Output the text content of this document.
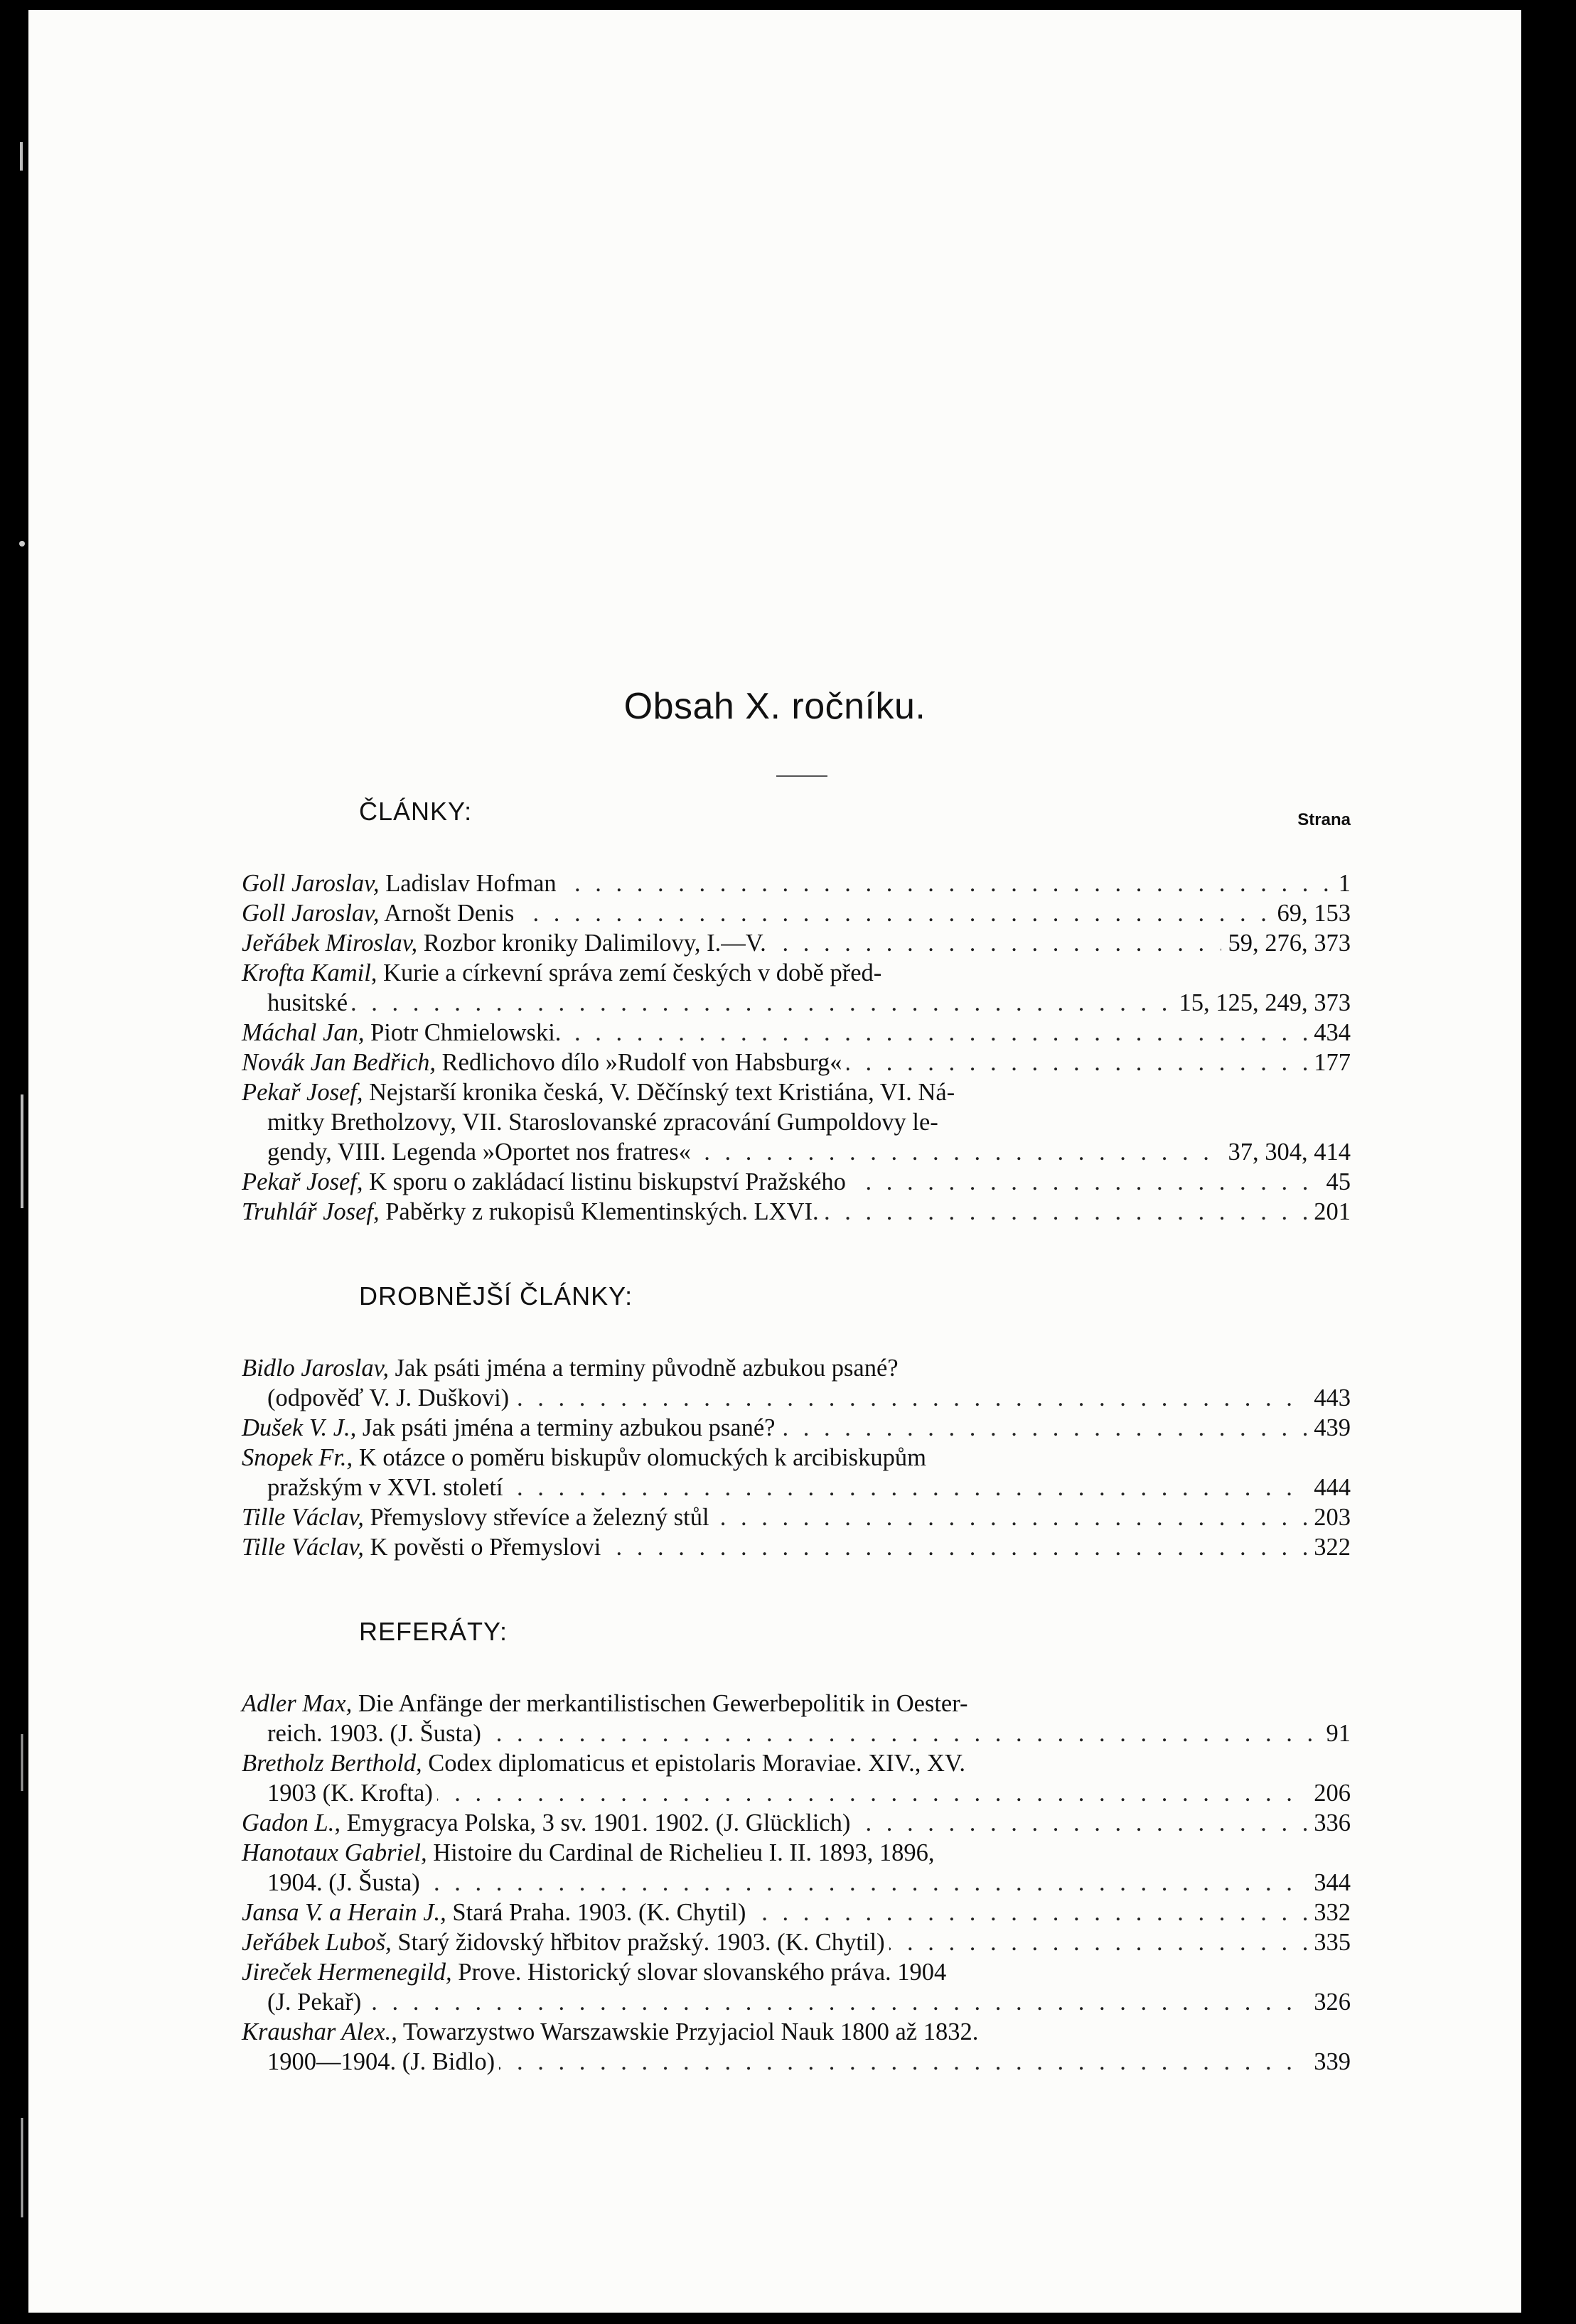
Obsah X. ročníku.
Strana
ČLÁNKY:
. . . Goll Jaroslav, Ladislav Hofman	1
. . . Goll Jaroslav, Arnošt Denis	69, 153
. . . Jeřábek Miroslav, Rozbor kroniky Dalimilovy, I.—V.	59, 276, 373
Krofta Kamil, Kurie a církevní správa zemí českých v době před-
. . . husitské	15, 125, 249, 373
. . . Máchal Jan, Piotr Chmielowski.	434
. . . Novák Jan Bedřich, Redlichovo dílo »Rudolf von Habsburg«	177
Pekař Josef, Nejstarší kronika česká, V. Děčínský text Kristiána, VI. Ná-
mitky Bretholzovy, VII. Staroslovanské zpracování Gumpoldovy le-
. . . gendy, VIII. Legenda »Oportet nos fratres«	37, 304, 414
. . . Pekař Josef, K sporu o zakládací listinu biskupství Pražského	45
. . . Truhlář Josef, Paběrky z rukopisů Klementinských. LXVI.	201
DROBNĚJŠÍ ČLÁNKY:
Bidlo Jaroslav, Jak psáti jména a terminy původně azbukou psané?
. . . (odpověď V. J. Duškovi)	443
. . . Dušek V. J., Jak psáti jména a terminy azbukou psané?	439
Snopek Fr., K otázce o poměru biskupův olomuckých k arcibiskupům
. . . pražským v XVI. století	444
. . . Tille Václav, Přemyslovy střevíce a železný stůl	203
. . . Tille Václav, K pověsti o Přemyslovi	322
REFERÁTY:
Adler Max, Die Anfänge der merkantilistischen Gewerbepolitik in Oester-
. . . reich. 1903. (J. Šusta)	91
Bretholz Berthold, Codex diplomaticus et epistolaris Moraviae. XIV., XV.
. . . 1903 (K. Krofta)	206
. . . Gadon L., Emygracya Polska, 3 sv. 1901. 1902. (J. Glücklich)	336
Hanotaux Gabriel, Histoire du Cardinal de Richelieu I. II. 1893, 1896,
. . . 1904. (J. Šusta)	344
. . . Jansa V. a Herain J., Stará Praha. 1903. (K. Chytil)	332
. . . Jeřábek Luboš, Starý židovský hřbitov pražský. 1903. (K. Chytil)	335
Jireček Hermenegild, Prove. Historický slovar slovanského práva. 1904
. . . (J. Pekař)	326
Kraushar Alex., Towarzystwo Warszawskie Przyjaciol Nauk 1800 až 1832.
. . . 1900—1904. (J. Bidlo)	339
